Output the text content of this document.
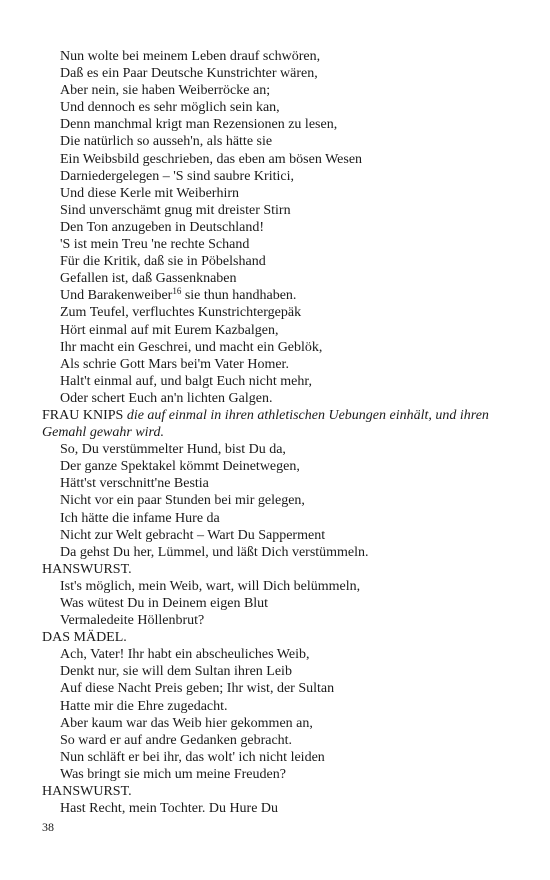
Nun wolte bei meinem Leben drauf schwören,
Daß es ein Paar Deutsche Kunstrichter wären,
Aber nein, sie haben Weiberröcke an;
Und dennoch es sehr möglich sein kan,
Denn manchmal krigt man Rezensionen zu lesen,
Die natürlich so ausseh'n, als hätte sie
Ein Weibsbild geschrieben, das eben am bösen Wesen
Darniedergelegen – 'S sind saubre Kritici,
Und diese Kerle mit Weiberhirn
Sind unverschämt gnug mit dreister Stirn
Den Ton anzugeben in Deutschland!
'S ist mein Treu 'ne rechte Schand
Für die Kritik, daß sie in Pöbelshand
Gefallen ist, daß Gassenknaben
Und Barakenweiber$^{16}$ sie thun handhaben.
Zum Teufel, verfluchtes Kunstrichtergepäk
Hört einmal auf mit Eurem Kazbalgen,
Ihr macht ein Geschrei, und macht ein Geblök,
Als schrie Gott Mars bei'm Vater Homer.
Halt't einmal auf, und balgt Euch nicht mehr,
Oder schert Euch an'n lichten Galgen.
FRAU KNIPS die auf einmal in ihren athletischen Uebungen einhält, und ihren Gemahl gewahr wird.
So, Du verstümmelter Hund, bist Du da,
Der ganze Spektakel kömmt Deinetwegen,
Hätt'st verschnitt'ne Bestia
Nicht vor ein paar Stunden bei mir gelegen,
Ich hätte die infame Hure da
Nicht zur Welt gebracht – Wart Du Sapperment
Da gehst Du her, Lümmel, und läßt Dich verstümmeln.
HANSWURST.
Ist's möglich, mein Weib, wart, will Dich belümmeln,
Was wütest Du in Deinem eigen Blut
Vermaledeite Höllenbrut?
DAS MÄDEL.
Ach, Vater! Ihr habt ein abscheuliches Weib,
Denkt nur, sie will dem Sultan ihren Leib
Auf diese Nacht Preis geben; Ihr wist, der Sultan
Hatte mir die Ehre zugedacht.
Aber kaum war das Weib hier gekommen an,
So ward er auf andre Gedanken gebracht.
Nun schläft er bei ihr, das wolt' ich nicht leiden
Was bringt sie mich um meine Freuden?
HANSWURST.
Hast Recht, mein Tochter. Du Hure Du
38
